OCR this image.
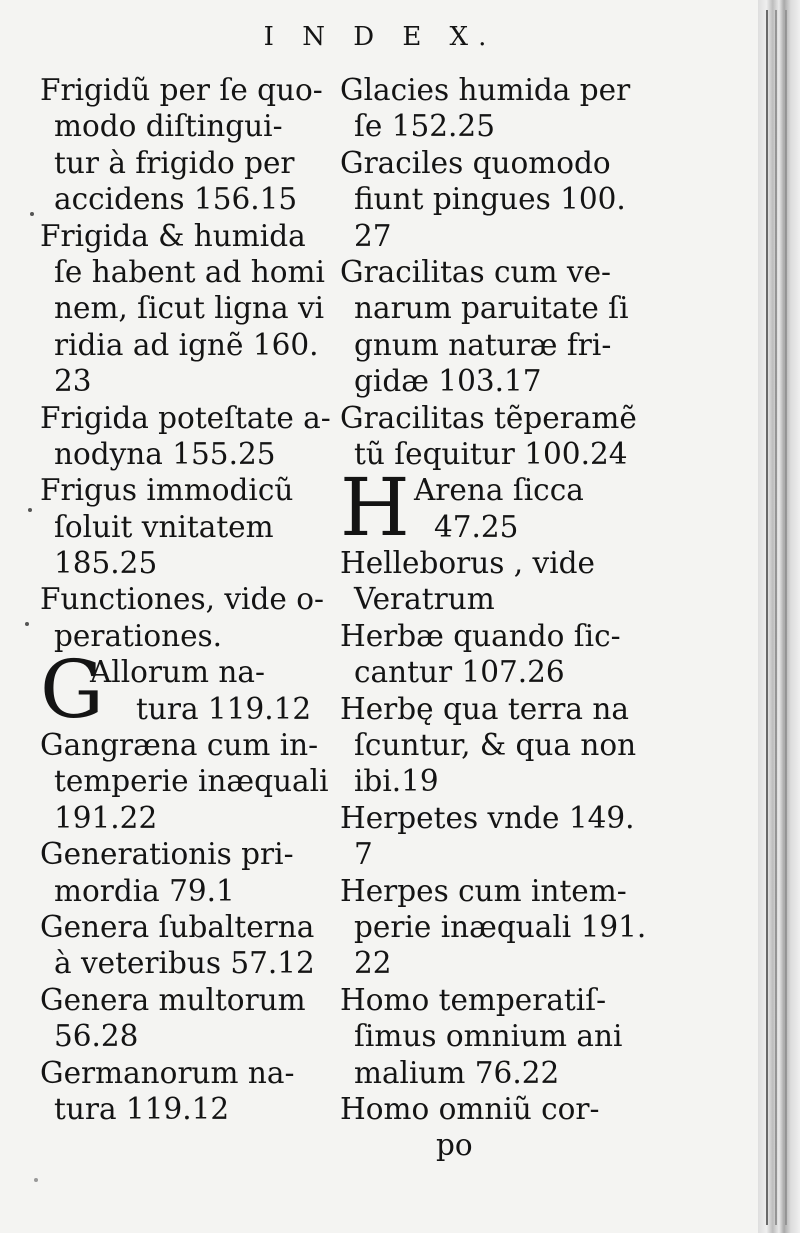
I N D E X.
Frigidũ per ſe quo-
modo diſtingui-
tur à frigido per
accidens 156.15
Frigida & humida
ſe habent ad homi
nem, ſicut ligna vi
ridia ad ignẽ 160.
23
Frigida poteſtate a-
nodyna 155.25
Frigus immodicũ
ſoluit vnitatem
185.25
Functiones, vide o-
perationes.
G
Allorum na-
tura 119.12
Gangræna cum in-
temperie inæquali
191.22
Generationis pri-
mordia 79.1
Genera ſubalterna
à veteribus 57.12
Genera multorum
56.28
Germanorum na-
tura 119.12
Glacies humida per
ſe 152.25
Graciles quomodo
fiunt pingues 100.
27
Gracilitas cum ve-
narum paruitate ſi
gnum naturæ fri-
gidæ 103.17
Gracilitas tẽperamẽ
tũ ſequitur 100.24
H Arena ſicca
47.25
Helleborus , vide
Veratrum
Herbæ quando ſic-
cantur 107.26
Herbę qua terra na
ſcuntur, & qua non
ibi.19
Herpetes vnde 149.
7
Herpes cum intem-
perie inæquali 191.
22
Homo temperatiſ-
ſimus omnium ani
malium 76.22
Homo omniũ cor-
po
